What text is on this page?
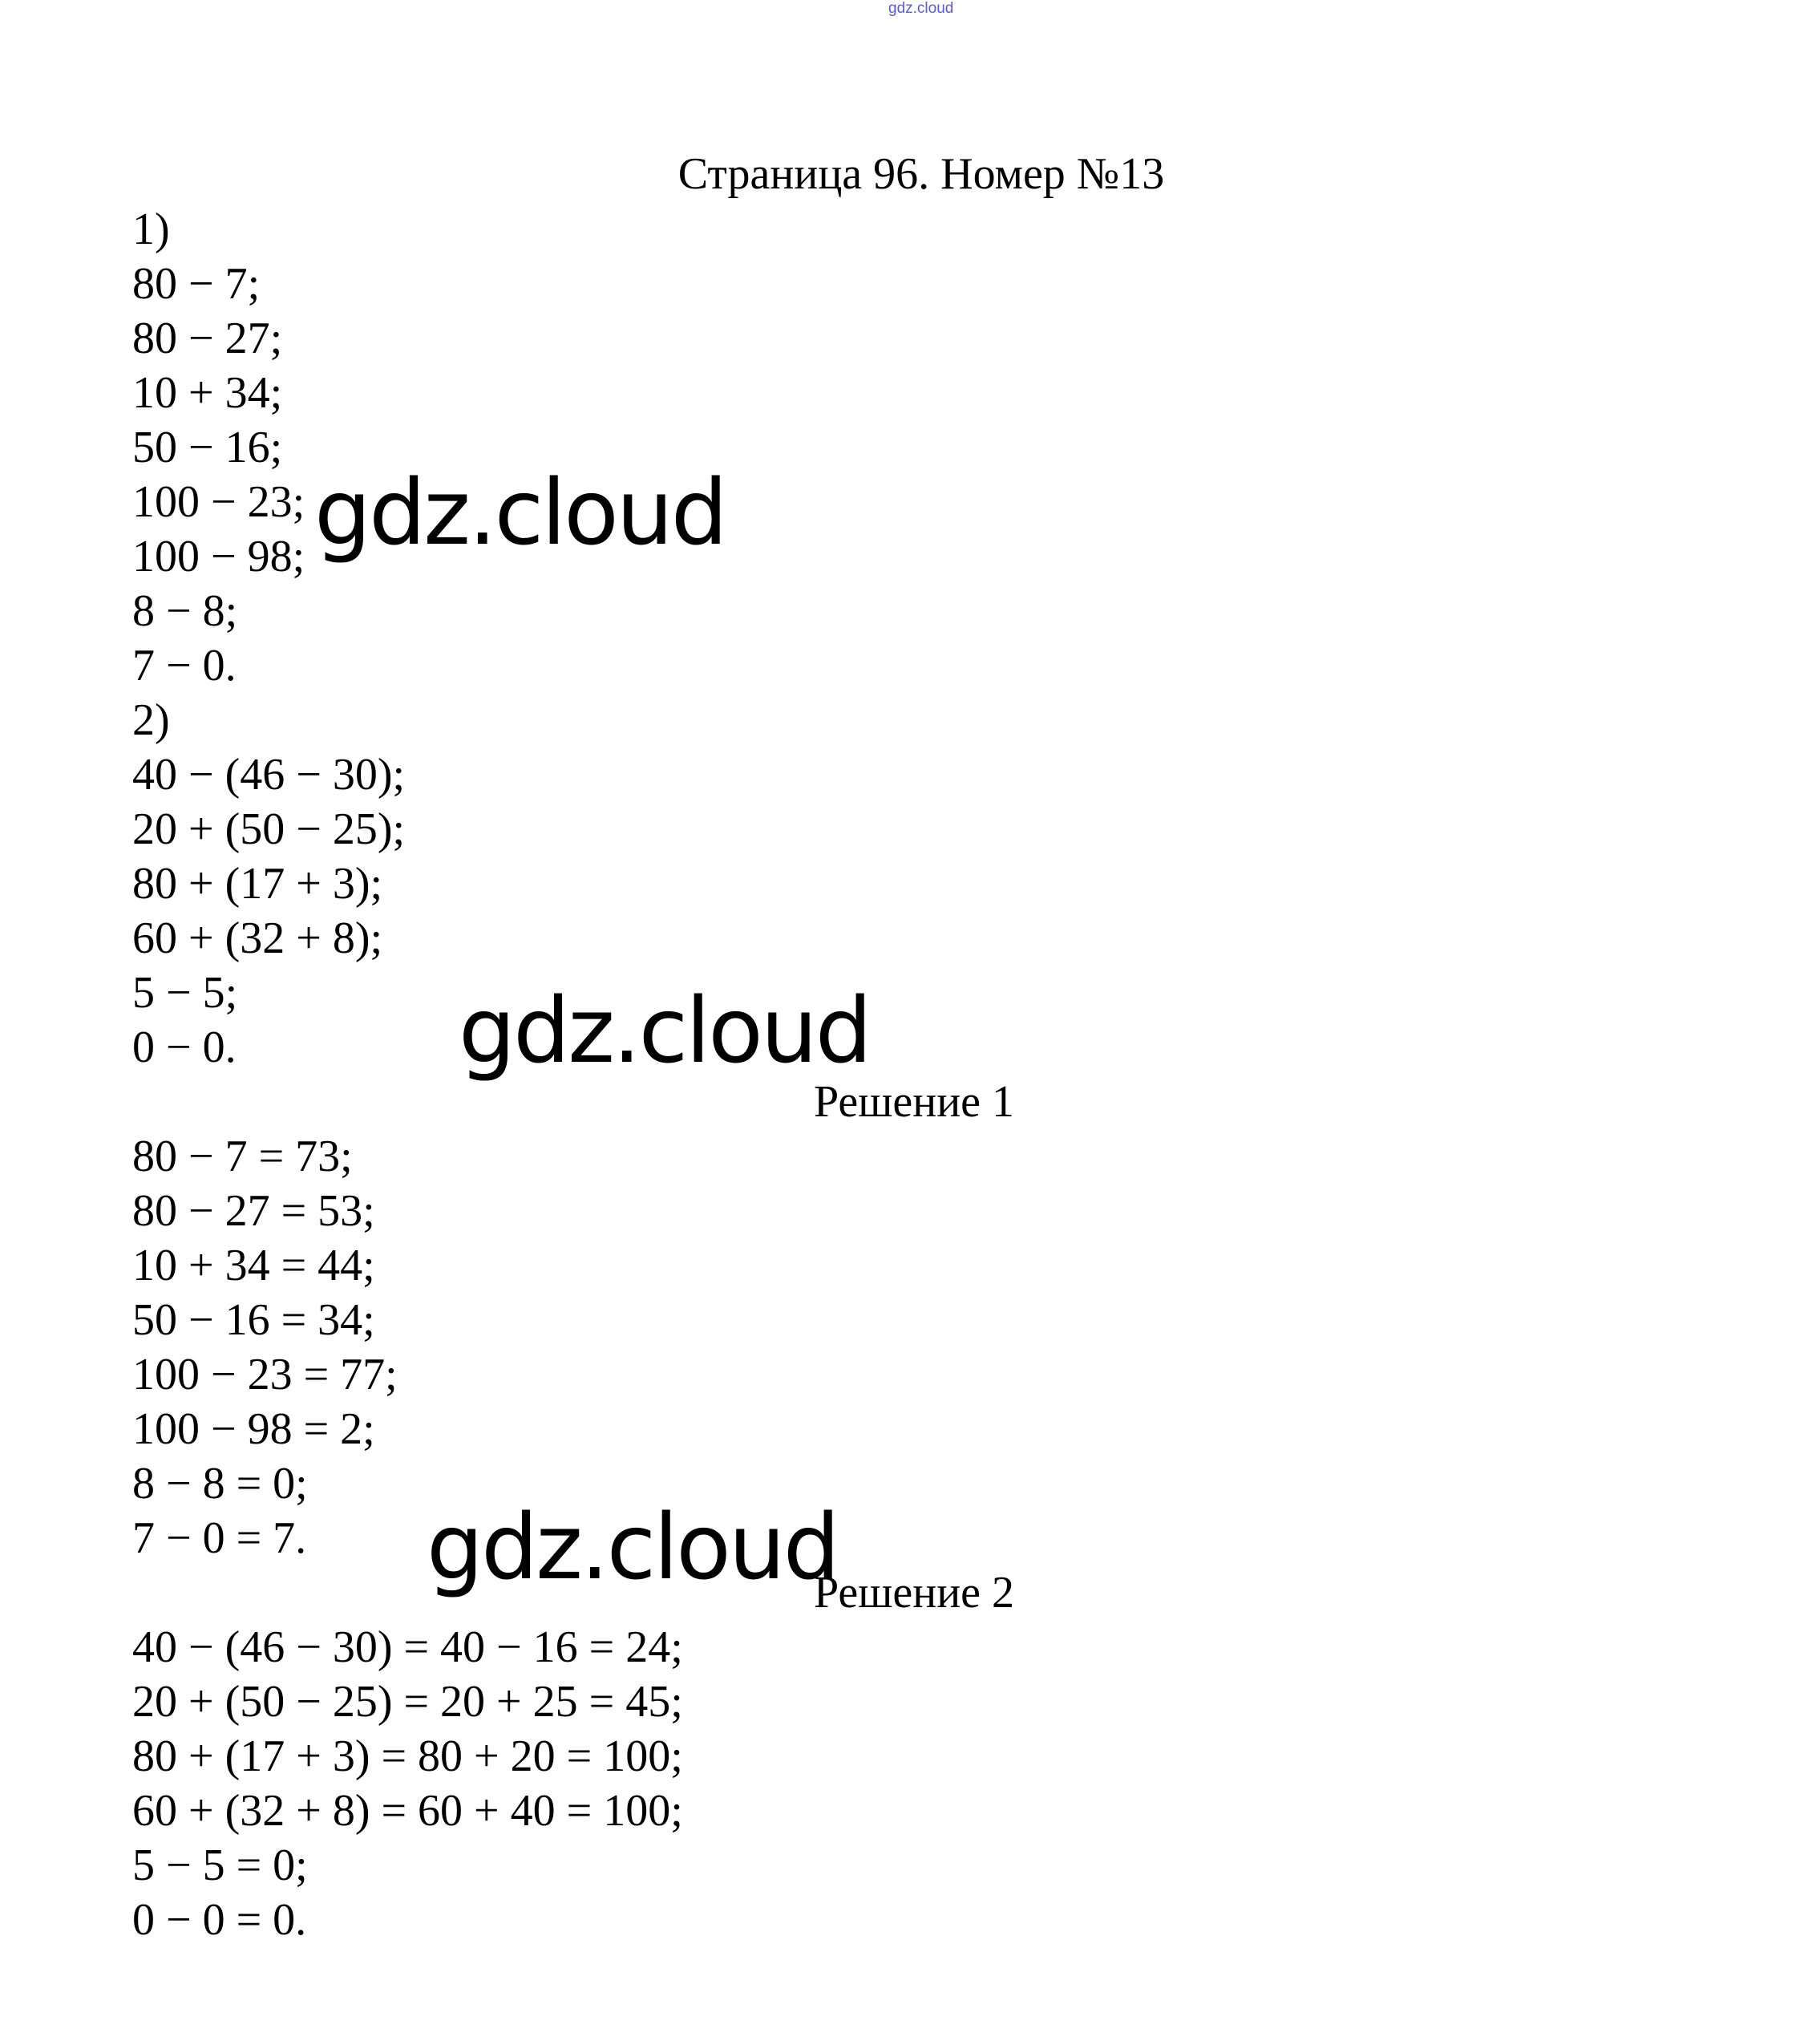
gdz.cloud
Страница 96. Номер №13
1)
80 − 7;
80 − 27;
10 + 34;
50 − 16;
100 − 23;
100 − 98;
8 − 8;
7 − 0.
2)
40 − (46 − 30);
20 + (50 − 25);
80 + (17 + 3);
60 + (32 + 8);
5 − 5;
0 − 0.
Решение 1
80 − 7 = 73;
80 − 27 = 53;
10 + 34 = 44;
50 − 16 = 34;
100 − 23 = 77;
100 − 98 = 2;
8 − 8 = 0;
7 − 0 = 7.
Решение 2
40 − (46 − 30) = 40 − 16 = 24;
20 + (50 − 25) = 20 + 25 = 45;
80 + (17 + 3) = 80 + 20 = 100;
60 + (32 + 8) = 60 + 40 = 100;
5 − 5 = 0;
0 − 0 = 0.
gdz.cloud
gdz.cloud
gdz.cloud
